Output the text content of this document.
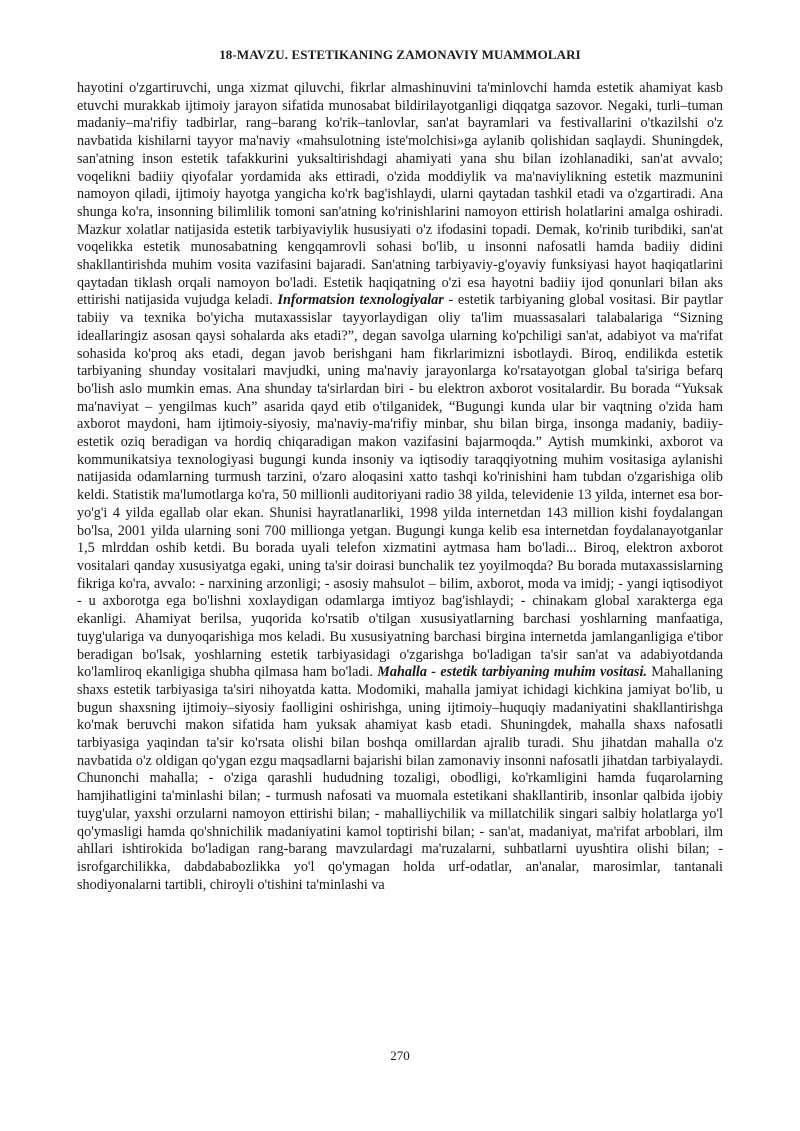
18-MAVZU. ESTETIKANING ZAMONAVIY MUAMMOLARI
hayotini o'zgartiruvchi, unga xizmat qiluvchi, fikrlar almashinuvini ta'minlovchi hamda estetik ahamiyat kasb etuvchi murakkab ijtimoiy jarayon sifatida munosabat bildirilayotganligi diqqatga sazovor. Negaki, turli–tuman madaniy–ma'rifiy tadbirlar, rang–barang ko'rik–tanlovlar, san'at bayramlari va festivallarini o'tkazilshi o'z navbatida kishilarni tayyor ma'naviy «mahsulotning iste'molchisi»ga aylanib qolishidan saqlaydi. Shuningdek, san'atning inson estetik tafakkurini yuksaltirishdagi ahamiyati yana shu bilan izohlanadiki, san'at avvalo; voqelikni badiiy qiyofalar yordamida aks ettiradi, o'zida moddiylik va ma'naviylikning estetik mazmunini namoyon qiladi, ijtimoiy hayotga yangicha ko'rk bag'ishlaydi, ularni qaytadan tashkil etadi va o'zgartiradi. Ana shunga ko'ra, insonning bilimlilik tomoni san'atning ko'rinishlarini namoyon ettirish holatlarini amalga oshiradi. Mazkur xolatlar natijasida estetik tarbiyaviylik hususiyati o'z ifodasini topadi. Demak, ko'rinib turibdiki, san'at voqelikka estetik munosabatning kengqamrovli sohasi bo'lib, u insonni nafosatli hamda badiiy didini shakllantirishda muhim vosita vazifasini bajaradi. San'atning tarbiyaviy-g'oyaviy funksiyasi hayot haqiqatlarini qaytadan tiklash orqali namoyon bo'ladi. Estetik haqiqatning o'zi esa hayotni badiiy ijod qonunlari bilan aks ettirishi natijasida vujudga keladi. Informatsion texnologiyalar - estetik tarbiyaning global vositasi. Bir paytlar tabiiy va texnika bo'yicha mutaxassislar tayyorlaydigan oliy ta'lim muassasalari talabalariga “Sizning ideallaringiz asosan qaysi sohalarda aks etadi?”, degan savolga ularning ko'pchiligi san'at, adabiyot va ma'rifat sohasida ko'proq aks etadi, degan javob berishgani ham fikrlarimizni isbotlaydi. Biroq, endilikda estetik tarbiyaning shunday vositalari mavjudki, uning ma'naviy jarayonlarga ko'rsatayotgan global ta'siriga befarq bo'lish aslo mumkin emas. Ana shunday ta'sirlardan biri - bu elektron axborot vositalardir. Bu borada “Yuksak ma'naviyat – yengilmas kuch” asarida qayd etib o'tilganidek, “Bugungi kunda ular bir vaqtning o'zida ham axborot maydoni, ham ijtimoiy-siyosiy, ma'naviy-ma'rifiy minbar, shu bilan birga, insonga madaniy, badiiy-estetik oziq beradigan va hordiq chiqaradigan makon vazifasini bajarmoqda.” Aytish mumkinki, axborot va kommunikatsiya texnologiyasi bugungi kunda insoniy va iqtisodiy taraqqiyotning muhim vositasiga aylanishi natijasida odamlarning turmush tarzini, o'zaro aloqasini xatto tashqi ko'rinishini ham tubdan o'zgarishiga olib keldi. Statistik ma'lumotlarga ko'ra, 50 millionli auditoriyani radio 38 yilda, televidenie 13 yilda, internet esa bor-yo'g'i 4 yilda egallab olar ekan. Shunisi hayratlanarliki, 1998 yilda internetdan 143 million kishi foydalangan bo'lsa, 2001 yilda ularning soni 700 millionga yetgan. Bugungi kunga kelib esa internetdan foydalanayotganlar 1,5 mlrddan oshib ketdi. Bu borada uyali telefon xizmatini aytmasa ham bo'ladi... Biroq, elektron axborot vositalari qanday xususiyatga egaki, uning ta'sir doirasi bunchalik tez yoyilmoqda? Bu borada mutaxassislarning fikriga ko'ra, avvalo: - narxining arzonligi; - asosiy mahsulot – bilim, axborot, moda va imidj; - yangi iqtisodiyot - u axborotga ega bo'lishni xoxlaydigan odamlarga imtiyoz bag'ishlaydi; - chinakam global xarakterga ega ekanligi. Ahamiyat berilsa, yuqorida ko'rsatib o'tilgan xususiyatlarning barchasi yoshlarning manfaatiga, tuyg'ulariga va dunyoqarishiga mos keladi. Bu xususiyatning barchasi birgina internetda jamlanganligiga e'tibor beradigan bo'lsak, yoshlarning estetik tarbiyasidagi o'zgarishga bo'ladigan ta'sir san'at va adabiyotdanda ko'lamliroq ekanligiga shubha qilmasa ham bo'ladi. Mahalla - estetik tarbiyaning muhim vositasi. Mahallaning shaxs estetik tarbiyasiga ta'siri nihoyatda katta. Modomiki, mahalla jamiyat ichidagi kichkina jamiyat bo'lib, u bugun shaxsning ijtimoiy–siyosiy faolligini oshirishga, uning ijtimoiy–huquqiy madaniyatini shakllantirishga ko'mak beruvchi makon sifatida ham yuksak ahamiyat kasb etadi. Shuningdek, mahalla shaxs nafosatli tarbiyasiga yaqindan ta'sir ko'rsata olishi bilan boshqa omillardan ajralib turadi. Shu jihatdan mahalla o'z navbatida o'z oldigan qo'ygan ezgu maqsadlarni bajarishi bilan zamonaviy insonni nafosatli jihatdan tarbiyalaydi. Chunonchi mahalla; - o'ziga qarashli hududning tozaligi, obodligi, ko'rkamligini hamda fuqarolarning hamjihatligini ta'minlashi bilan; - turmush nafosati va muomala estetikani shakllantirib, insonlar qalbida ijobiy tuyg'ular, yaxshi orzularni namoyon ettirishi bilan; - mahalliychilik va millatchilik singari salbiy holatlarga yo'l qo'ymasligi hamda qo'shnichilik madaniyatini kamol toptirishi bilan; - san'at, madaniyat, ma'rifat arboblari, ilm ahllari ishtirokida bo'ladigan rang-barang mavzulardagi ma'ruzalarni, suhbatlarni uyushtira olishi bilan; - isrofgarchilikka, dabdababozlikka yo'l qo'ymagan holda urf-odatlar, an'analar, marosimlar, tantanali shodiyonalarni tartibli, chiroyli o'tishini ta'minlashi va
270
